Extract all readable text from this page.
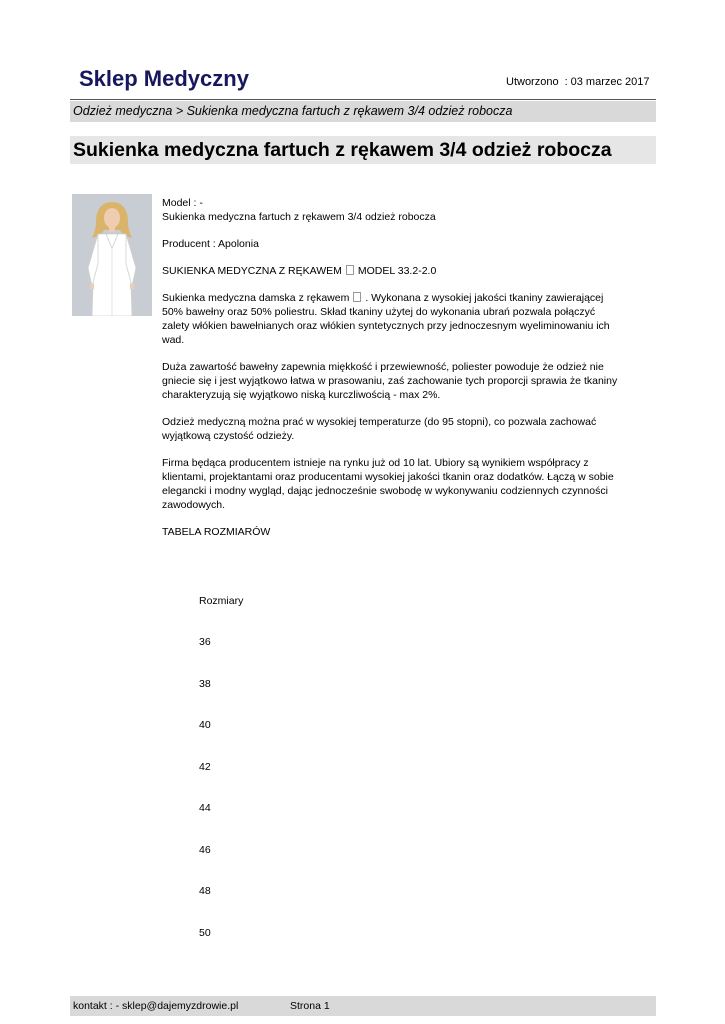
Sklep Medyczny	Utworzono : 03 marzec 2017
Odzież medyczna > Sukienka medyczna fartuch z rękawem 3/4 odzież robocza
Sukienka medyczna fartuch z rękawem 3/4 odzież robocza

Model : -

Sukienka medyczna fartuch z rękawem 3/4 odzież robocza

Producent : Apolonia

SUKIENKA MEDYCZNA Z RĘKAWEM MODEL 33.2-2.0

Sukienka medyczna damska z rękawem . Wykonana z wysokiej jakości tkaniny zawierającej 50% bawełny oraz 50% poliestru. Skład tkaniny użytej do wykonania ubrań pozwala połączyć zalety włókien bawełnianych oraz włókien syntetycznych przy jednoczesnym wyeliminowaniu ich wad.

Duża zawartość bawełny zapewnia miękkość i przewiewność, poliester powoduje że odzież nie gniecie się i jest wyjątkowo łatwa w prasowaniu, zaś zachowanie tych proporcji sprawia że tkaniny charakteryzują się wyjątkowo niską kurczliwością - max 2%.

Odzież medyczną można prać w wysokiej temperaturze (do 95 stopni), co pozwala zachować wyjątkową czystość odzieży.

Firma będąca producentem istnieje na rynku już od 10 lat. Ubiory są wynikiem współpracy z klientami, projektantami oraz producentami wysokiej jakości tkanin oraz dodatków. Łączą w sobie elegancki i modny wygląd, dając jednocześnie swobodę w wykonywaniu codziennych czynności zawodowych.

TABELA ROZMIARÓW

Rozmiary
36
38
40
42
44
46
48
50
kontakt : - sklep@dajemyzdrowie.pl	Strona 1
